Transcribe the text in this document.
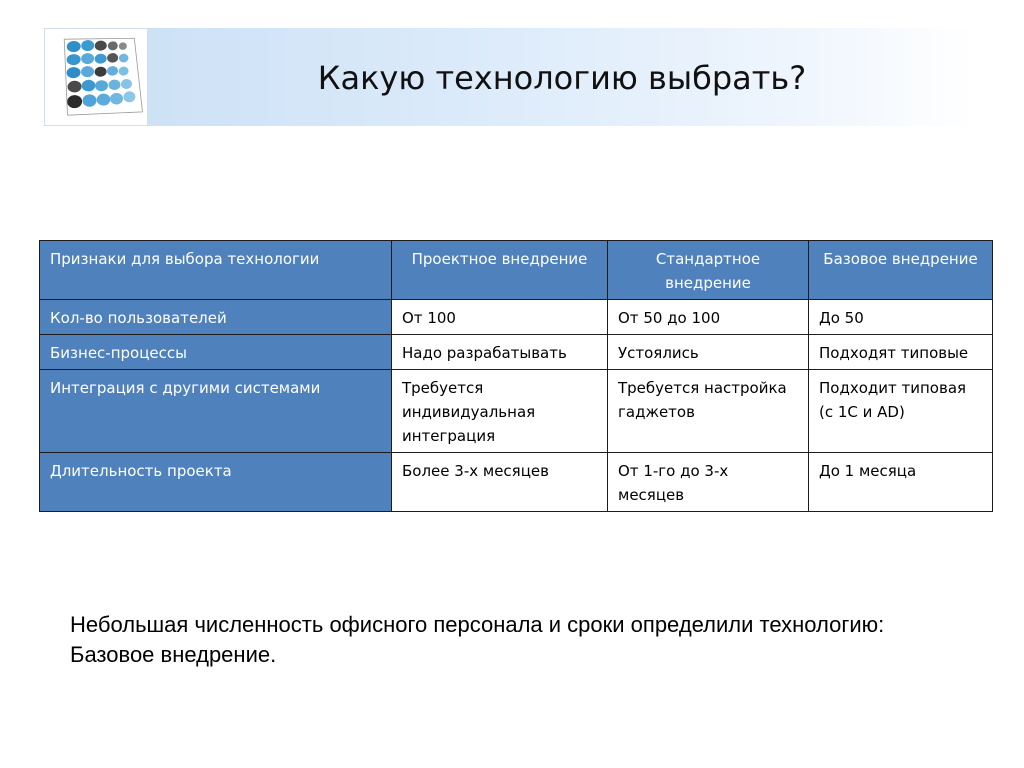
Какую технологию выбрать?
Признаки для выбора технологии	Проектное внедрение	Стандартное внедрение	Базовое внедрение
Кол-во пользователей	От 100	От 50 до 100	До 50
Бизнес-процессы	Надо разрабатывать	Устоялись	Подходят типовые
Интеграция с другими системами	Требуется индивидуальная интеграция	Требуется настройка гаджетов	Подходит типовая (с 1С и AD)
Длительность проекта	Более 3-х месяцев	От 1-го до 3-х месяцев	До 1 месяца
Небольшая численность офисного персонала и сроки определили технологию: Базовое внедрение.
